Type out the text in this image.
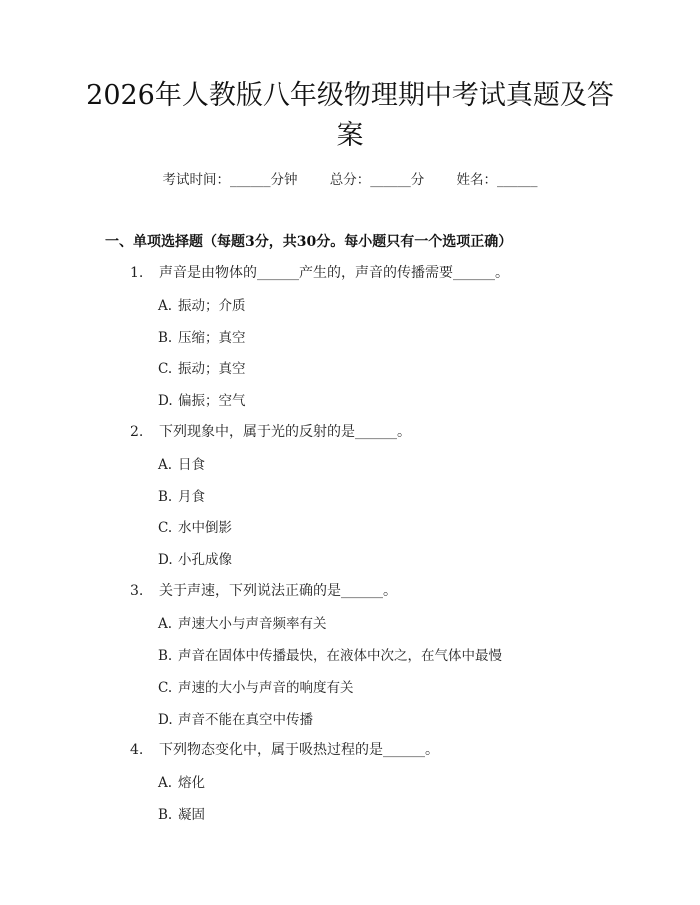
2026年人教版八年级物理期中考试真题及答案
考试时间：______分钟 总分：______分 姓名：______
一、单项选择题（每题3分，共30分。每小题只有一个选项正确）
1. 声音是由物体的______产生的，声音的传播需要______。
A. 振动；介质
B. 压缩；真空
C. 振动；真空
D. 偏振；空气
2. 下列现象中，属于光的反射的是______。
A. 日食
B. 月食
C. 水中倒影
D. 小孔成像
3. 关于声速，下列说法正确的是______。
A. 声速大小与声音频率有关
B. 声音在固体中传播最快，在液体中次之，在气体中最慢
C. 声速的大小与声音的响度有关
D. 声音不能在真空中传播
4. 下列物态变化中，属于吸热过程的是______。
A. 熔化
B. 凝固
